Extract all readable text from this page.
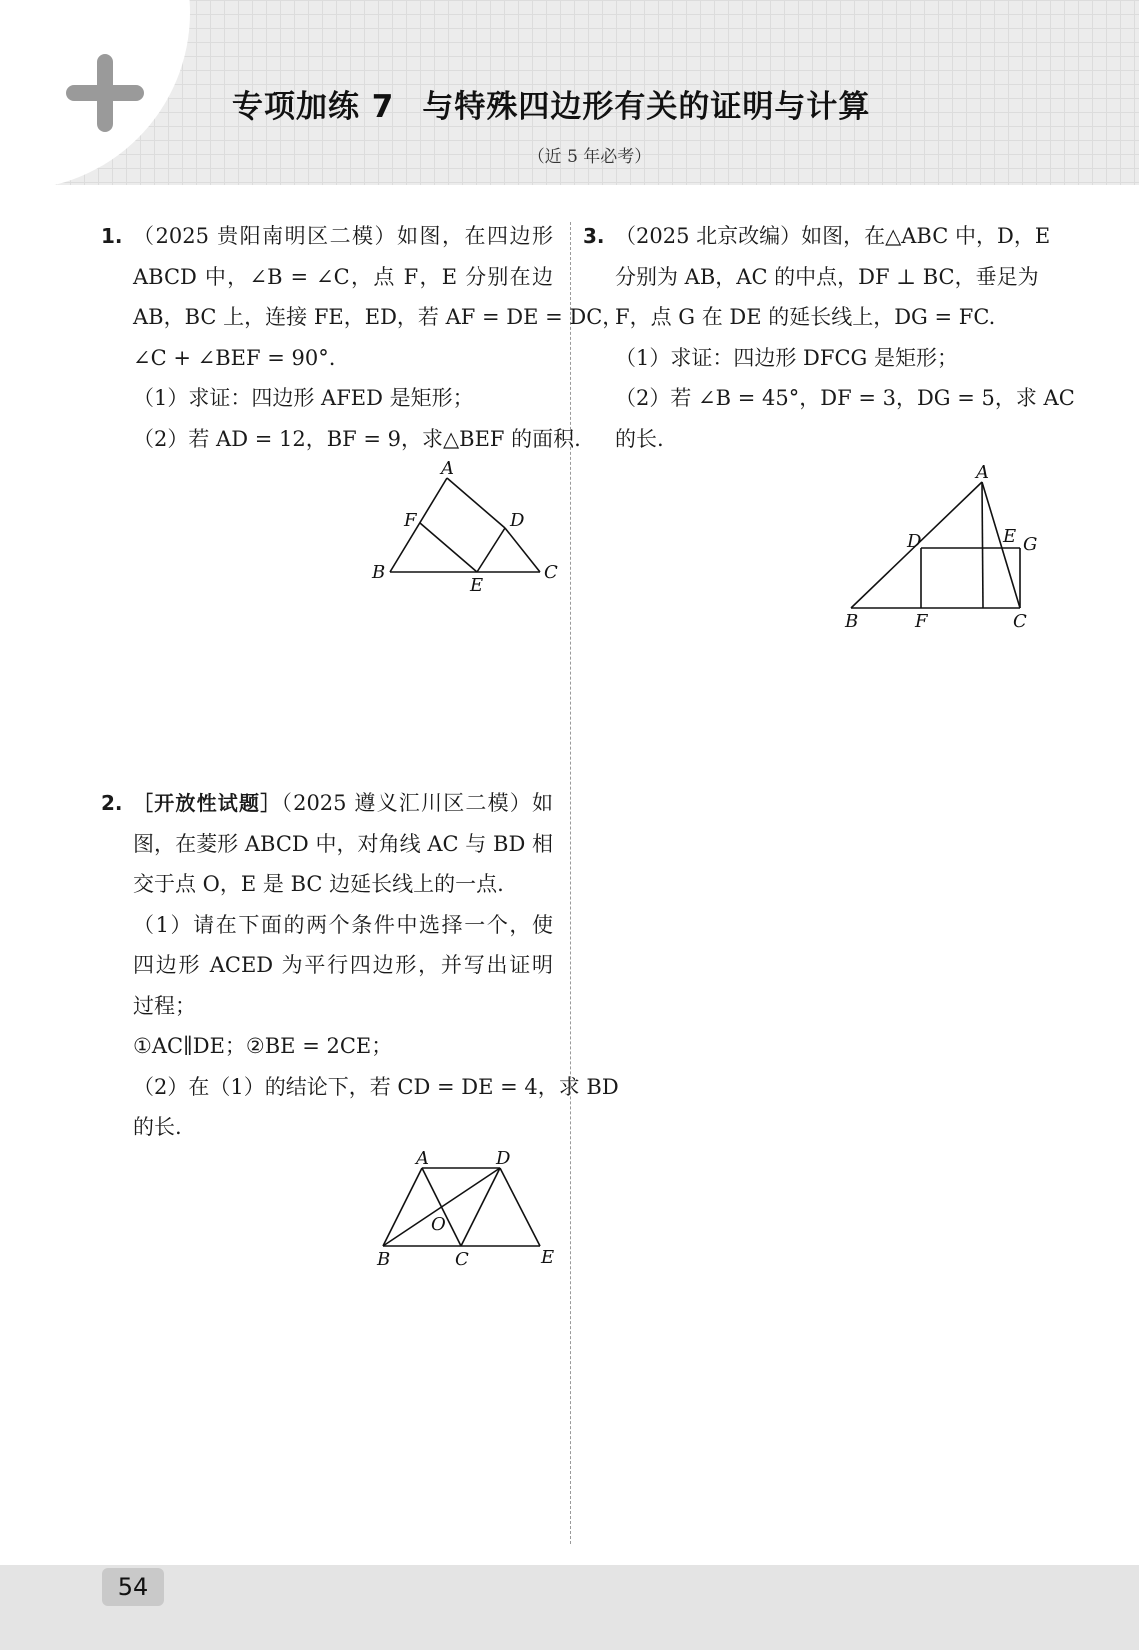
专项加练 7 与特殊四边形有关的证明与计算
（近 5 年必考）
1. （2025 贵阳南明区二模）如图，在四边形
ABCD 中，∠B = ∠C，点 F，E 分别在边
AB，BC 上，连接 FE，ED，若 AF = DE = DC，
∠C + ∠BEF = 90°.
（1）求证：四边形 AFED 是矩形；
（2）若 AD = 12，BF = 9，求△BEF 的面积.
A
B	C
D
E
F
2. ［开放性试题］（2025 遵义汇川区二模）如
图，在菱形 ABCD 中，对角线 AC 与 BD 相
交于点 O，E 是 BC 边延长线上的一点.
（1）请在下面的两个条件中选择一个，使
四边形 ACED 为平行四边形，并写出证明
过程；
①AC∥DE；②BE = 2CE；
（2）在（1）的结论下，若 CD = DE = 4，求 BD
的长.
A	D
B	C	E
O
3. （2025 北京改编）如图，在△ABC 中，D，E
分别为 AB，AC 的中点，DF ⊥ BC，垂足为
F，点 G 在 DE 的延长线上，DG = FC.
（1）求证：四边形 DFCG 是矩形；
（2）若 ∠B = 45°，DF = 3，DG = 5，求 AC
的长.
A
B	C
D	E G
F
54
